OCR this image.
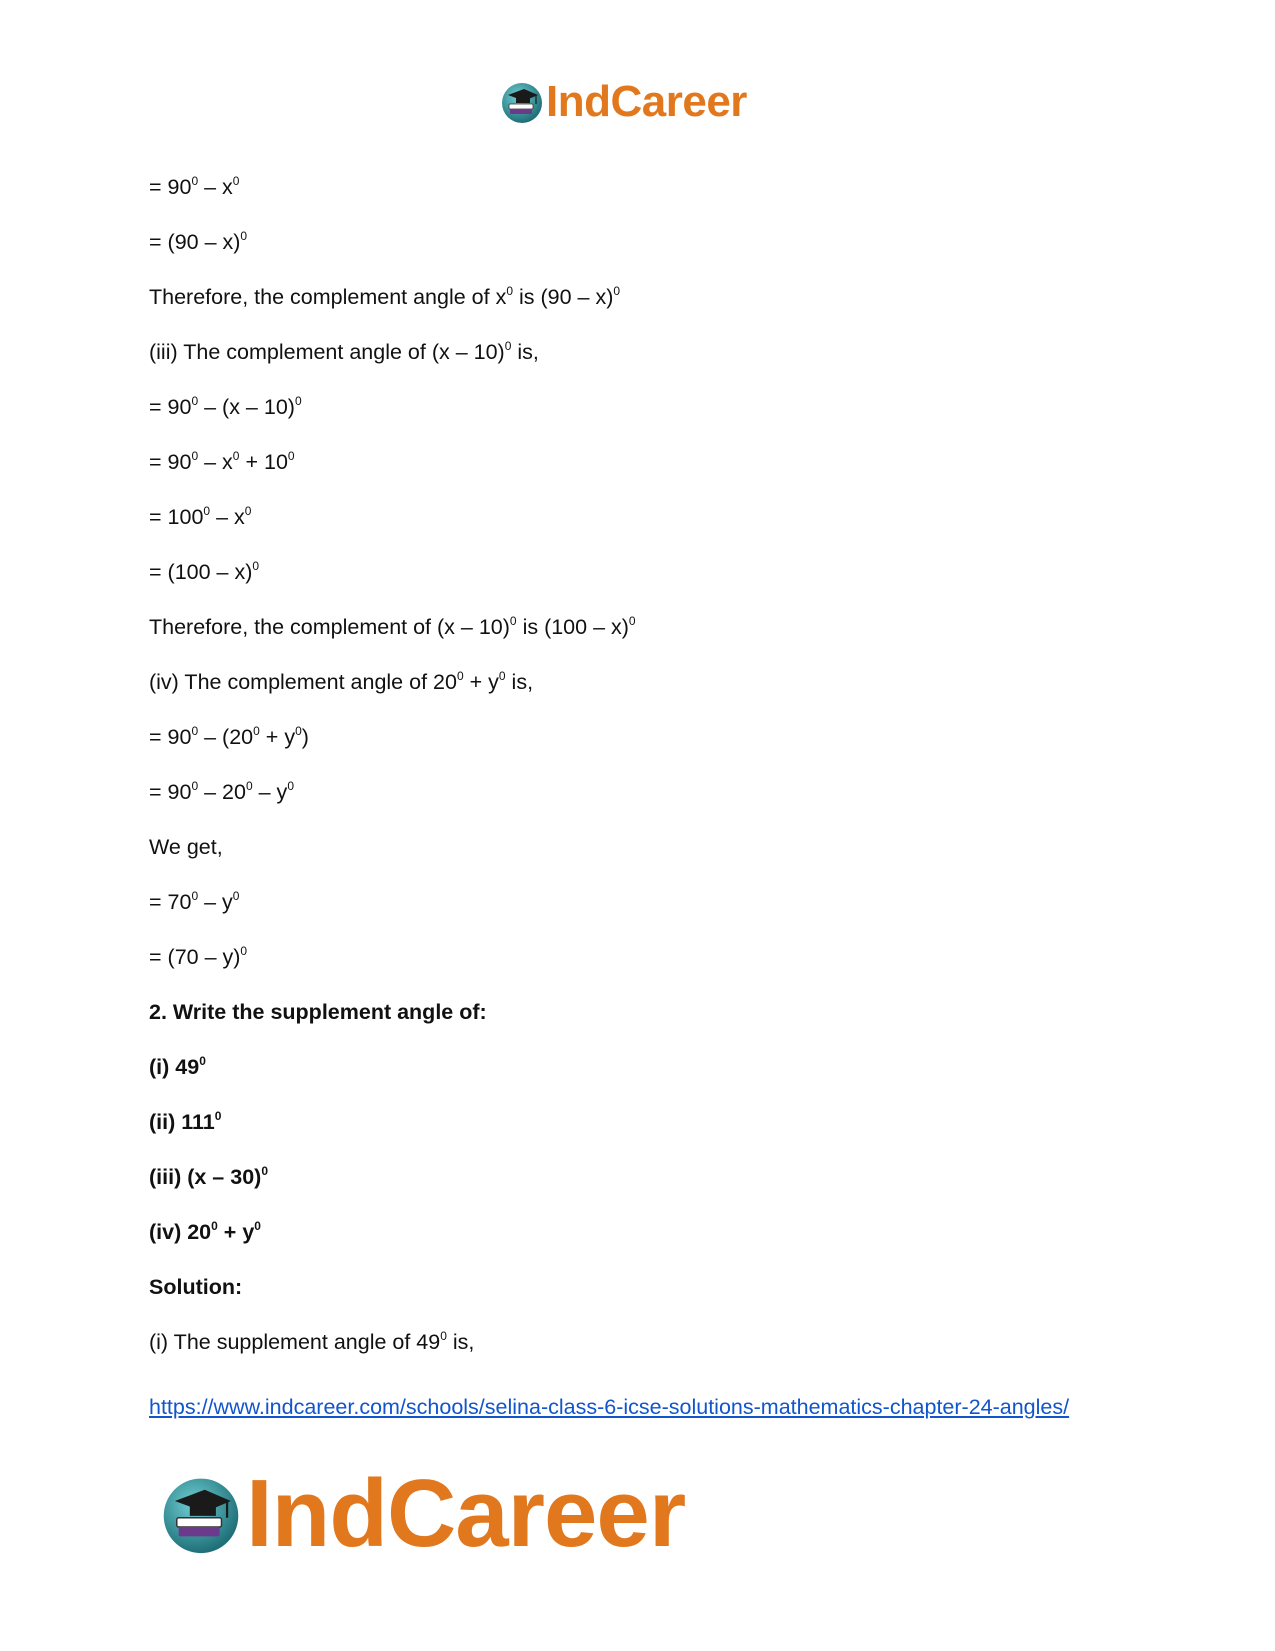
IndCareer
= $90^0 - x^0$
= (90 – x)$^0$
Therefore, the complement angle of $x^0$ is (90 – x)$^0$
(iii) The complement angle of (x – 10)$^0$ is,
= $90^0 - (x - 10)^0$
= $90^0 - x^0 + 10^0$
= $100^0 - x^0$
= (100 – x)$^0$
Therefore, the complement of (x – 10)$^0$ is (100 – x)$^0$
(iv) The complement angle of $20^0 + y^0$ is,
= $90^0 - (20^0 + y^0)$
= $90^0 - 20^0 - y^0$
We get,
= $70^0 - y^0$
= (70 – y)$^0$
2. Write the supplement angle of:
(i) $49^0$
(ii) $111^0$
(iii) (x – 30)$^0$
(iv) $20^0 + y^0$
Solution:
(i) The supplement angle of $49^0$ is,
https://www.indcareer.com/schools/selina-class-6-icse-solutions-mathematics-chapter-24-angles/
IndCareer
